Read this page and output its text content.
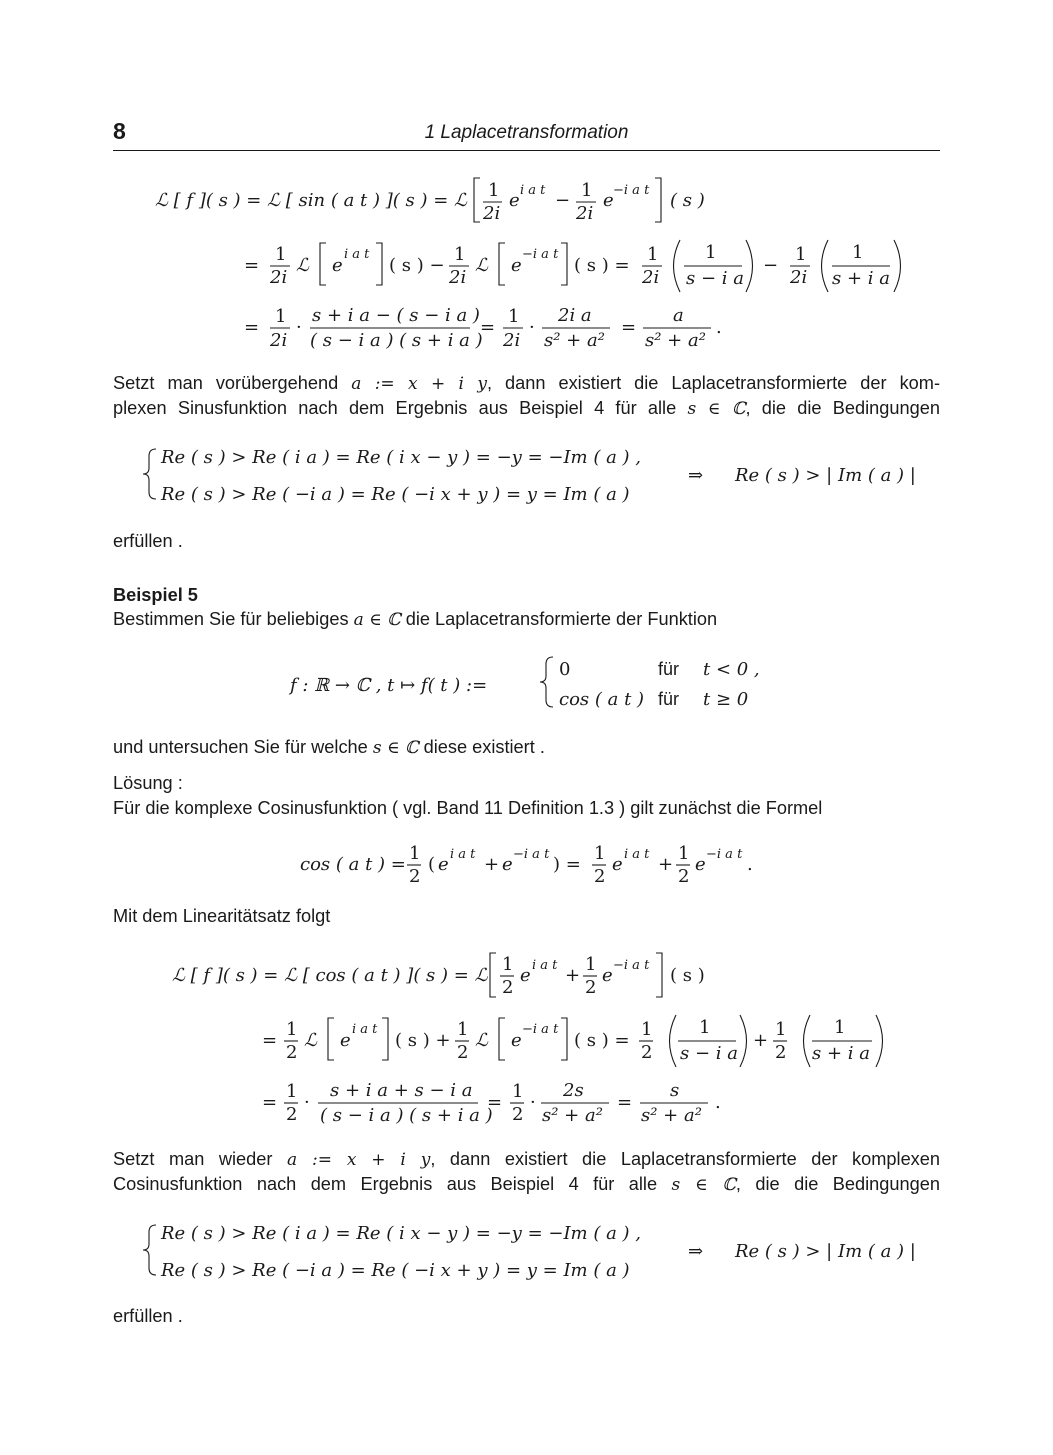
8	1 Laplacetransformation
Setzt man vorübergehend a := x + i y, dann existiert die Laplacetransformierte der kom-
plexen Sinusfunktion nach dem Ergebnis aus Beispiel 4 für alle s ∈ ℂ, die die Bedingungen
erfüllen .
Beispiel 5
Bestimmen Sie für beliebiges a ∈ ℂ die Laplacetransformierte der Funktion
und untersuchen Sie für welche s ∈ ℂ diese existiert .
Lösung :
Für die komplexe Cosinusfunktion ( vgl. Band 11 Definition 1.3 ) gilt zunächst die Formel
Mit dem Linearitätsatz folgt
Setzt man wieder a := x + i y, dann existiert die Laplacetransformierte der komplexen
Cosinusfunktion nach dem Ergebnis aus Beispiel 4 für alle s ∈ ℂ, die die Bedingungen
erfüllen .
ℒ [ f ]( s ) = ℒ [ sin ( a t ) ]( s ) = ℒ 1
2i
e i a t − 1
2i
e −i a t ( s )
=
1
2i
ℒ e
i a t
( s ) −
1
2i
ℒ e
−i a t
( s ) =
1
2i
1
s − i a
−
1
2i
1
s + i a
=
1
2i
·
s + i a − ( s − i a )
( s − i a ) ( s + i a )
=
1
2i
·
2i a
s² + a²
=
a
s² + a²
.
Re ( s ) > Re ( i a ) = Re ( i x − y ) = −y = −Im ( a ) ,
Re ( s ) > Re ( −i a ) = Re ( −i x + y ) = y = Im ( a )
⇒ Re ( s ) > | Im ( a ) |
f : ℝ → ℂ , t ↦ f( t ) :=
0
cos ( a t )
für
für
t < 0 ,
t ≥ 0
cos ( a t ) =
1
2
( e i a t + e −i a t ) =
1
2
e i a t +
1
2
e −i a t .
ℒ [ f ]( s ) = ℒ [ cos ( a t ) ]( s ) = ℒ
1
2
e i a t +
1
2
e −i a t ( s )
=
1
2
ℒ e
i a t
( s ) +
1
2
ℒ e
−i a t
( s ) =
1
2
1
s − i a
+
1
2
1
s + i a
=
1
2
·
s + i a + s − i a
( s − i a ) ( s + i a )
=
1
2
·
2s
s² + a²
=
s
s² + a²
.
Re ( s ) > Re ( i a ) = Re ( i x − y ) = −y = −Im ( a ) ,
Re ( s ) > Re ( −i a ) = Re ( −i x + y ) = y = Im ( a )
⇒ Re ( s ) > | Im ( a ) |
